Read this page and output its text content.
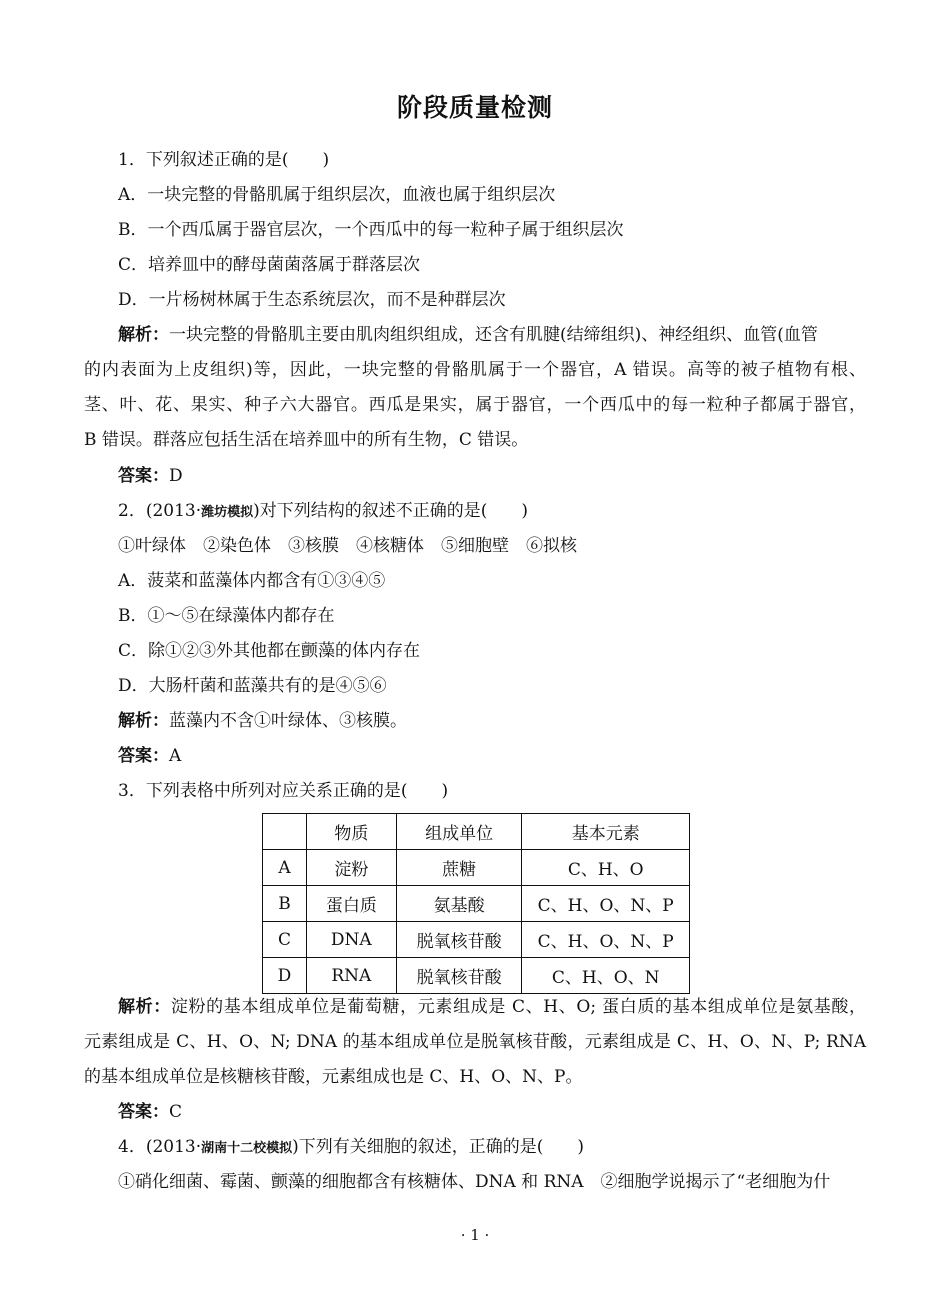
阶段质量检测
1．下列叙述正确的是(　　)
A．一块完整的骨骼肌属于组织层次，血液也属于组织层次
B．一个西瓜属于器官层次，一个西瓜中的每一粒种子属于组织层次
C．培养皿中的酵母菌菌落属于群落层次
D．一片杨树林属于生态系统层次，而不是种群层次
解析：一块完整的骨骼肌主要由肌肉组织组成，还含有肌腱(结缔组织)、神经组织、血管(血管
的内表面为上皮组织)等，因此，一块完整的骨骼肌属于一个器官，A 错误。高等的被子植物有根、
茎、叶、花、果实、种子六大器官。西瓜是果实，属于器官，一个西瓜中的每一粒种子都属于器官，
B 错误。群落应包括生活在培养皿中的所有生物，C 错误。
答案：D
2．(2013·潍坊模拟)对下列结构的叙述不正确的是(　　)
①叶绿体　②染色体　③核膜　④核糖体　⑤细胞壁　⑥拟核
A．菠菜和蓝藻体内都含有①③④⑤
B．①～⑤在绿藻体内都存在
C．除①②③外其他都在颤藻的体内存在
D．大肠杆菌和蓝藻共有的是④⑤⑥
解析：蓝藻内不含①叶绿体、③核膜。
答案：A
3．下列表格中所列对应关系正确的是(　　)
	物质	组成单位	基本元素
A	淀粉	蔗糖	C、H、O
B	蛋白质	氨基酸	C、H、O、N、P
C	DNA	脱氧核苷酸	C、H、O、N、P
D	RNA	脱氧核苷酸	C、H、O、N
解析：淀粉的基本组成单位是葡萄糖，元素组成是 C、H、O; 蛋白质的基本组成单位是氨基酸，
元素组成是 C、H、O、N; DNA 的基本组成单位是脱氧核苷酸，元素组成是 C、H、O、N、P; RNA
的基本组成单位是核糖核苷酸，元素组成也是 C、H、O、N、P。
答案：C
4．(2013·湖南十二校模拟)下列有关细胞的叙述，正确的是(　　)
①硝化细菌、霉菌、颤藻的细胞都含有核糖体、DNA 和 RNA　②细胞学说揭示了“老细胞为什
· 1 ·
